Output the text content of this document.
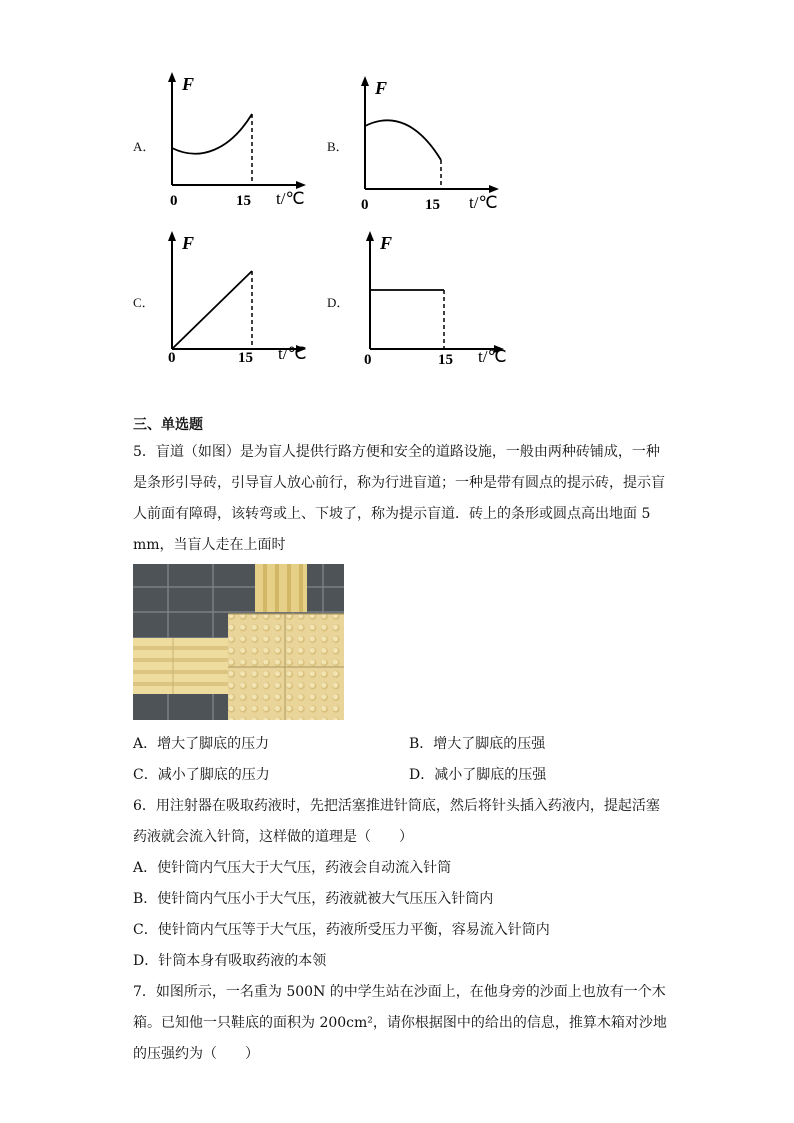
A．
F
0	15 t/℃
B．
F
0	15 t/℃
C．
F
0	15 t/℃
D．
F
0	15 t/℃
三、单选题
5．盲道（如图）是为盲人提供行路方便和安全的道路设施，一般由两种砖铺成，一种
是条形引导砖，引导盲人放心前行，称为行进盲道；一种是带有圆点的提示砖，提示盲
人前面有障碍，该转弯或上、下坡了，称为提示盲道．砖上的条形或圆点高出地面 5
mm，当盲人走在上面时
A．增大了脚底的压力	B．增大了脚底的压强
C．减小了脚底的压力	D．减小了脚底的压强
6．用注射器在吸取药液时，先把活塞推进针筒底，然后将针头插入药液内，提起活塞
药液就会流入针筒，这样做的道理是（　　）
A．使针筒内气压大于大气压，药液会自动流入针筒
B．使针筒内气压小于大气压，药液就被大气压压入针筒内
C．使针筒内气压等于大气压，药液所受压力平衡，容易流入针筒内
D．针筒本身有吸取药液的本领
7．如图所示，一名重为 500N 的中学生站在沙面上，在他身旁的沙面上也放有一个木
箱。已知他一只鞋底的面积为 200cm²，请你根据图中的给出的信息，推算木箱对沙地
的压强约为（　　）
